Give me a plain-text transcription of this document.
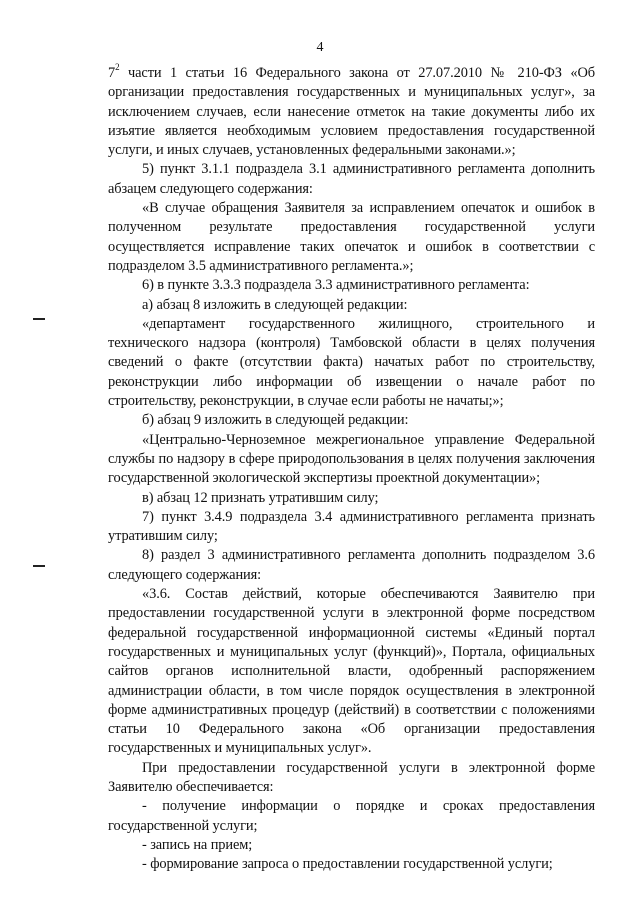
4

$7^2$ части 1 статьи 16 Федерального закона от 27.07.2010 № 210-ФЗ «Об организации предоставления государственных и муниципальных услуг», за исключением случаев, если нанесение отметок на такие документы либо их изъятие является необходимым условием предоставления государственной услуги, и иных случаев, установленных федеральными законами.»;

5) пункт 3.1.1 подраздела 3.1 административного регламента дополнить абзацем следующего содержания:

«В случае обращения Заявителя за исправлением опечаток и ошибок в полученном результате предоставления государственной услуги осуществляется исправление таких опечаток и ошибок в соответствии с подразделом 3.5 административного регламента.»;

6) в пункте 3.3.3 подраздела 3.3 административного регламента:

а) абзац 8 изложить в следующей редакции:

«департамент государственного жилищного, строительного и технического надзора (контроля) Тамбовской области в целях получения сведений о факте (отсутствии факта) начатых работ по строительству, реконструкции либо информации об извещении о начале работ по строительству, реконструкции, в случае если работы не начаты;»;

б) абзац 9 изложить в следующей редакции:

«Центрально-Черноземное межрегиональное управление Федеральной службы по надзору в сфере природопользования в целях получения заключения государственной экологической экспертизы проектной документации»;

в) абзац 12 признать утратившим силу;

7) пункт 3.4.9 подраздела 3.4 административного регламента признать утратившим силу;

8) раздел 3 административного регламента дополнить подразделом 3.6 следующего содержания:

«3.6. Состав действий, которые обеспечиваются Заявителю при предоставлении государственной услуги в электронной форме посредством федеральной государственной информационной системы «Единый портал государственных и муниципальных услуг (функций)», Портала, официальных сайтов органов исполнительной власти, одобренный распоряжением администрации области, в том числе порядок осуществления в электронной форме административных процедур (действий) в соответствии с положениями статьи 10 Федерального закона «Об организации предоставления государственных и муниципальных услуг».

При предоставлении государственной услуги в электронной форме Заявителю обеспечивается:

- получение информации о порядке и сроках предоставления государственной услуги;

- запись на прием;

- формирование запроса о предоставлении государственной услуги;
